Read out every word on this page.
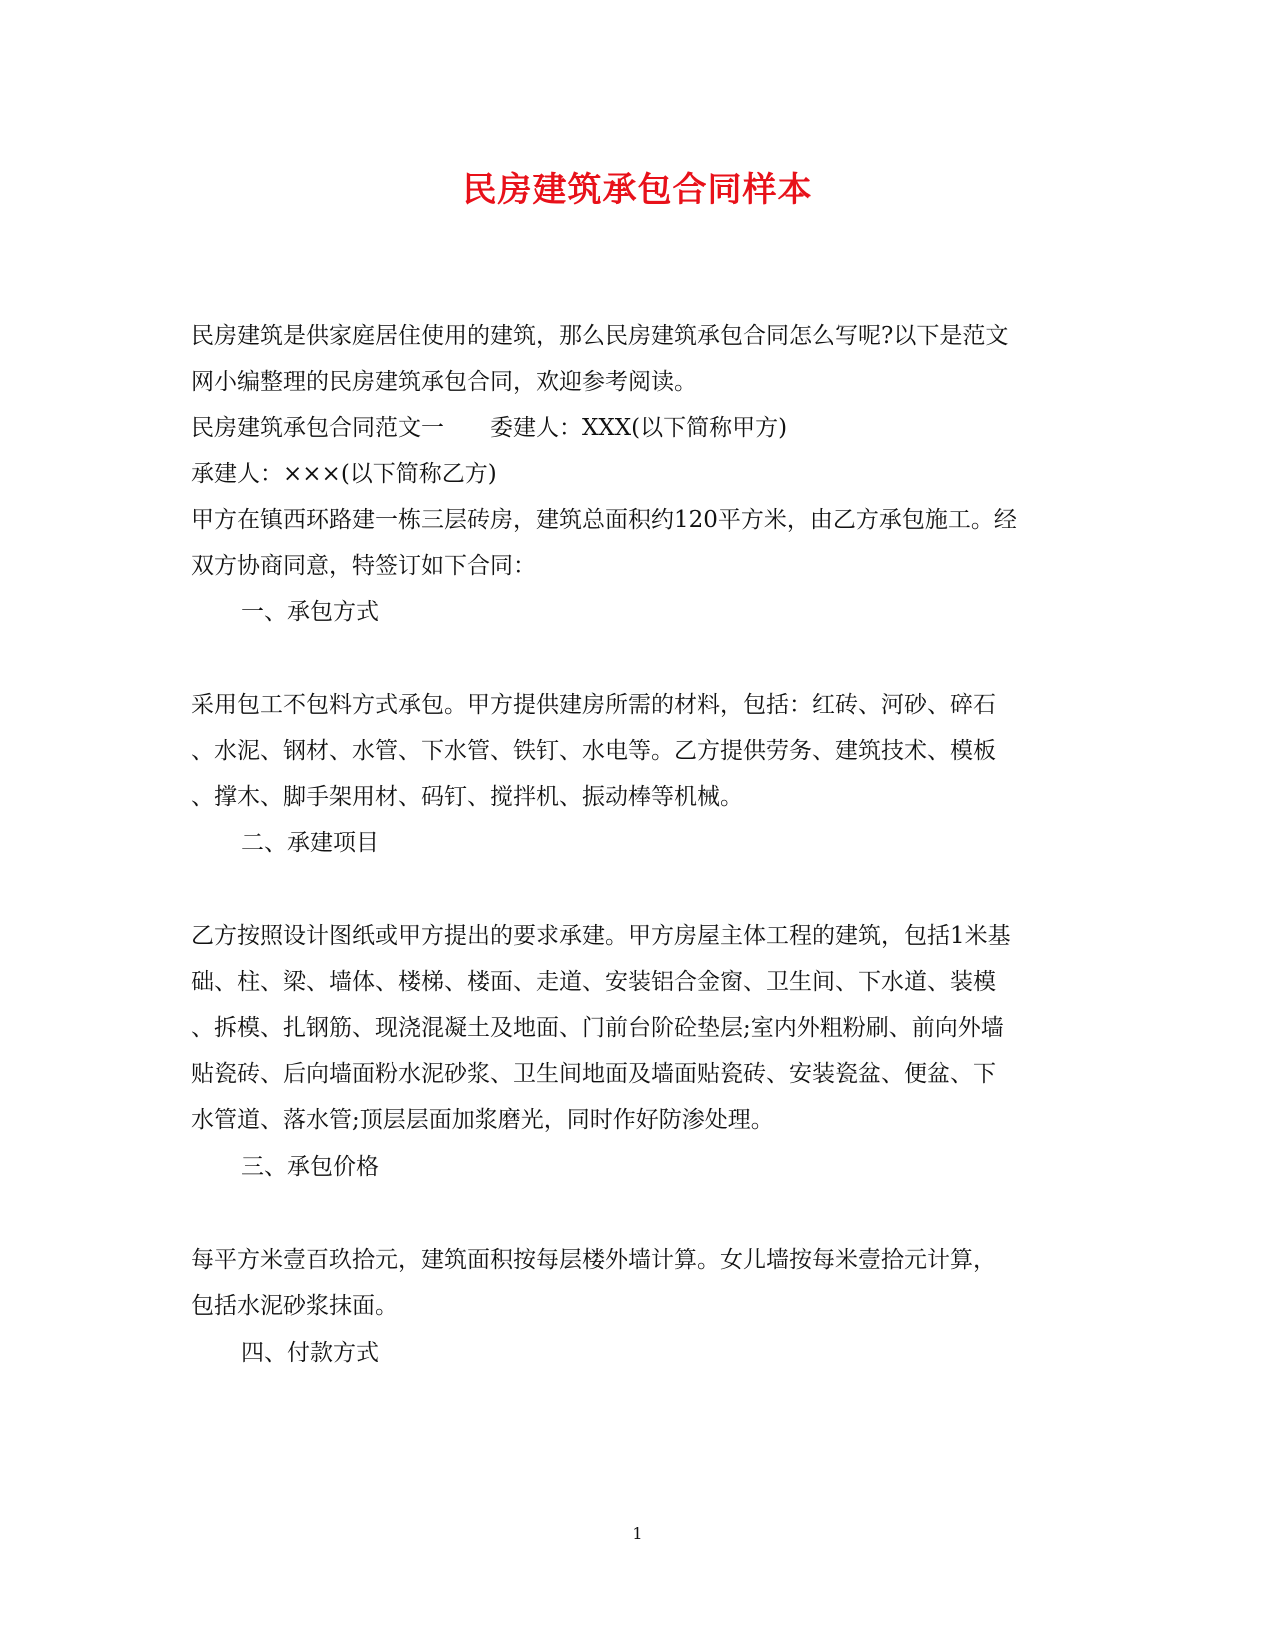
民房建筑承包合同样本
民房建筑是供家庭居住使用的建筑，那么民房建筑承包合同怎么写呢?以下是范文
网小编整理的民房建筑承包合同，欢迎参考阅读。
民房建筑承包合同范文一　　委建人：XXX(以下简称甲方)
承建人：×××(以下简称乙方)
甲方在镇西环路建一栋三层砖房，建筑总面积约120平方米，由乙方承包施工。经
双方协商同意，特签订如下合同：
一、承包方式
采用包工不包料方式承包。甲方提供建房所需的材料，包括：红砖、河砂、碎石
、水泥、钢材、水管、下水管、铁钉、水电等。乙方提供劳务、建筑技术、模板
、撑木、脚手架用材、码钉、搅拌机、振动棒等机械。
二、承建项目
乙方按照设计图纸或甲方提出的要求承建。甲方房屋主体工程的建筑，包括1米基
础、柱、梁、墙体、楼梯、楼面、走道、安装铝合金窗、卫生间、下水道、装模
、拆模、扎钢筋、现浇混凝土及地面、门前台阶砼垫层;室内外粗粉刷、前向外墙
贴瓷砖、后向墙面粉水泥砂浆、卫生间地面及墙面贴瓷砖、安装瓷盆、便盆、下
水管道、落水管;顶层层面加浆磨光，同时作好防渗处理。
三、承包价格
每平方米壹百玖拾元，建筑面积按每层楼外墙计算。女儿墙按每米壹拾元计算，
包括水泥砂浆抹面。
四、付款方式
1
